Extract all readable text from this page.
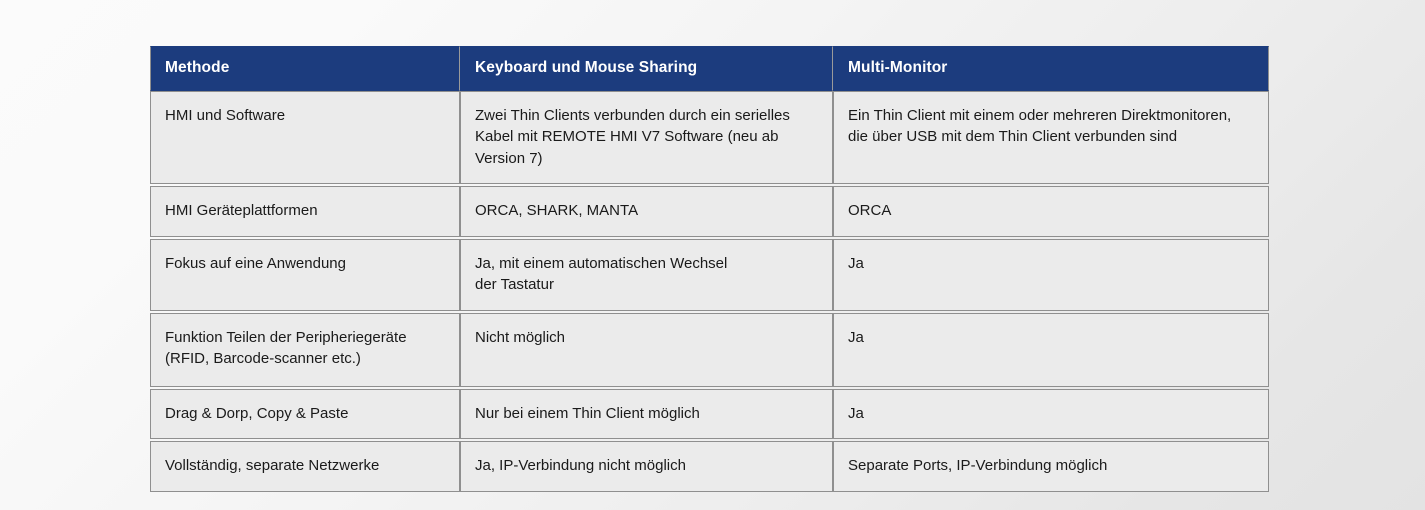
Methode	Keyboard und Mouse Sharing	Multi-Monitor

HMI und Software	Zwei Thin Clients verbunden durch ein serielles
Kabel mit REMOTE HMI V7 Software (neu ab
Version 7)	Ein Thin Client mit einem oder mehreren Direktmonitoren,
die über USB mit dem Thin Client verbunden sind

HMI Geräteplattformen	ORCA, SHARK, MANTA	ORCA

Fokus auf eine Anwendung	Ja, mit einem automatischen Wechsel
der Tastatur	Ja

Funktion Teilen der Peripheriegeräte
(RFID, Barcode-scanner etc.)	Nicht möglich	Ja

Drag & Dorp, Copy & Paste	Nur bei einem Thin Client möglich	Ja

Vollständig, separate Netzwerke	Ja, IP-Verbindung nicht möglich	Separate Ports, IP-Verbindung möglich
